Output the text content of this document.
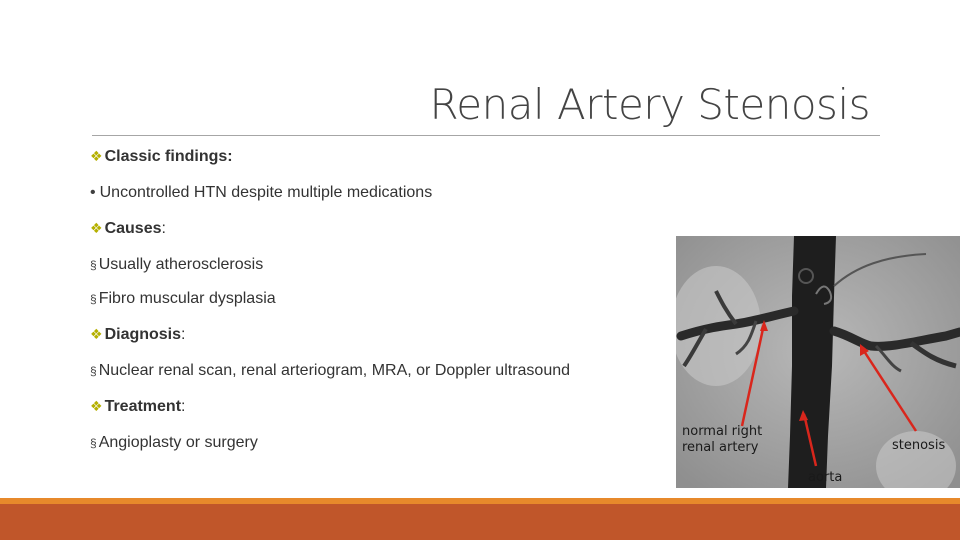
Renal Artery Stenosis
❖ Classic findings:
• Uncontrolled HTN despite multiple medications
❖ Causes:
§ Usually atherosclerosis
§ Fibro muscular dysplasia
❖ Diagnosis:
§ Nuclear renal scan, renal arteriogram, MRA, or Doppler ultrasound
❖ Treatment:
§ Angioplasty or surgery
normal right
renal artery
aorta
stenosis
